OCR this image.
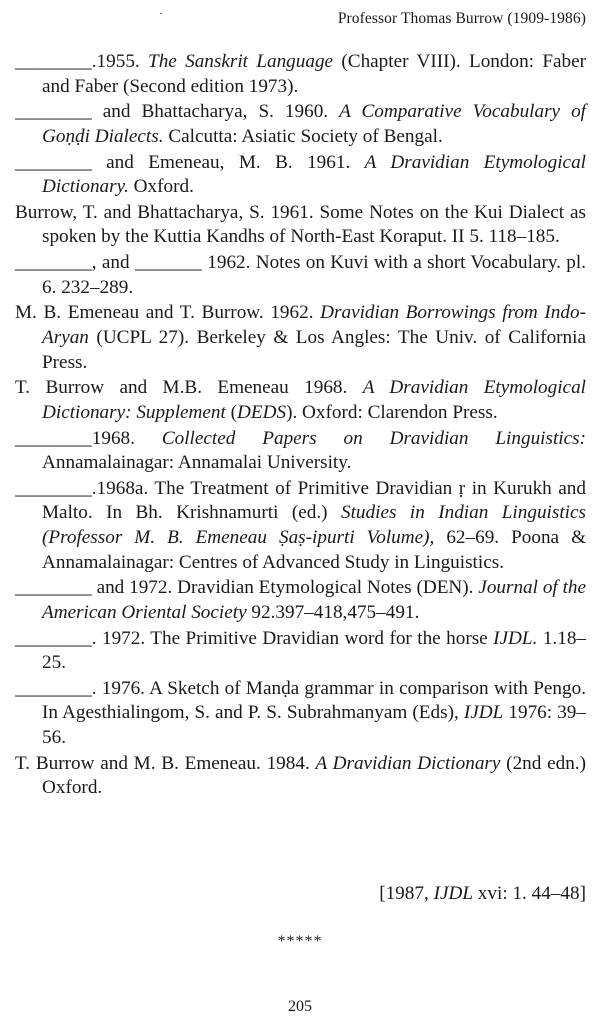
·	Professor Thomas Burrow (1909-1986)

________.1955. The Sanskrit Language (Chapter VIII). London: Faber and Faber (Second edition 1973).

________ and Bhattacharya, S. 1960. A Comparative Vocabulary of Goṇḍi Dialects. Calcutta: Asiatic Society of Bengal.

________ and Emeneau, M. B. 1961. A Dravidian Etymological Dictionary. Oxford.

Burrow, T. and Bhattacharya, S. 1961. Some Notes on the Kui Dialect as spoken by the Kuttia Kandhs of North-East Koraput. II 5. 118–185.

________, and _______ 1962. Notes on Kuvi with a short Vocabulary. pl. 6. 232–289.

M. B. Emeneau and T. Burrow. 1962. Dravidian Borrowings from Indo-Aryan (UCPL 27). Berkeley & Los Angles: The Univ. of California Press.

T. Burrow and M.B. Emeneau 1968. A Dravidian Etymological Dictionary: Supplement (DEDS). Oxford: Clarendon Press.

________1968. Collected Papers on Dravidian Linguistics: Annamalainagar: Annamalai University.

________.1968a. The Treatment of Primitive Dravidian ṛ in Kurukh and Malto. In Bh. Krishnamurti (ed.) Studies in Indian Linguistics (Professor M. B. Emeneau Ṣaṣ-ipurti Volume), 62–69. Poona & Annamalainagar: Centres of Advanced Study in Linguistics.

________ and 1972. Dravidian Etymological Notes (DEN). Journal of the American Oriental Society 92.397–418,475–491.

________. 1972. The Primitive Dravidian word for the horse IJDL. 1.18–25.

________. 1976. A Sketch of Manḍa grammar in comparison with Pengo. In Agesthialingom, S. and P. S. Subrahmanyam (Eds), IJDL 1976: 39–56.

T. Burrow and M. B. Emeneau. 1984. A Dravidian Dictionary (2nd edn.) Oxford.

[1987, IJDL xvi: 1. 44–48]
*****
205
